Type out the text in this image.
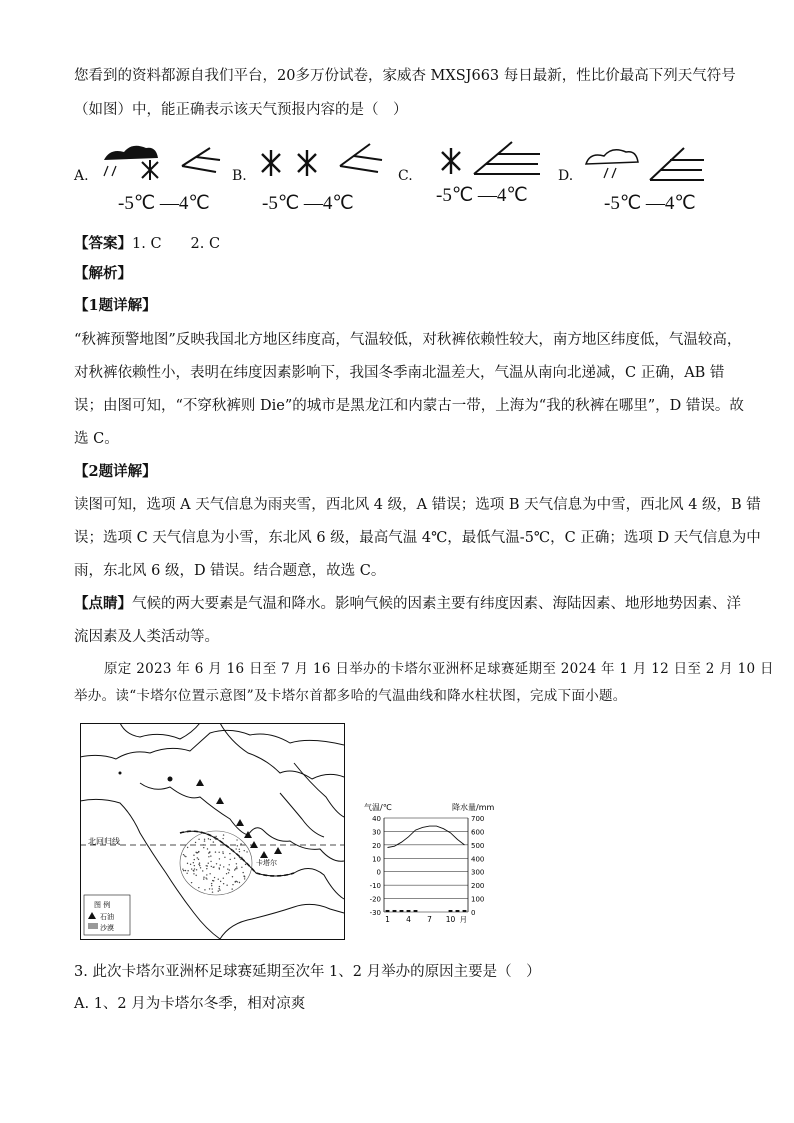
您看到的资料都源自我们平台，20多万份试卷，家威杏 MXSJ663 每日最新，性比价最高下列天气符号
（如图）中，能正确表示该天气预报内容的是（　）
A.	B.	C.	D.
-5℃ —4℃	-5℃ —4℃	-5℃ —4℃	-5℃ —4℃
【答案】1. C　　2. C
【解析】
【1题详解】
“秋裤预警地图”反映我国北方地区纬度高，气温较低，对秋裤依赖性较大，南方地区纬度低，气温较高，
对秋裤依赖性小，表明在纬度因素影响下，我国冬季南北温差大，气温从南向北递减，C 正确，AB 错
误；由图可知，“不穿秋裤则 Die”的城市是黑龙江和内蒙古一带，上海为“我的秋裤在哪里”，D 错误。故
选 C。
【2题详解】
读图可知，选项 A 天气信息为雨夹雪，西北风 4 级，A 错误；选项 B 天气信息为中雪，西北风 4 级，B 错
误；选项 C 天气信息为小雪，东北风 6 级，最高气温 4℃，最低气温-5℃，C 正确；选项 D 天气信息为中
雨，东北风 6 级，D 错误。结合题意，故选 C。
【点睛】气候的两大要素是气温和降水。影响气候的因素主要有纬度因素、海陆因素、地形地势因素、洋
流因素及人类活动等。
原定 2023 年 6 月 16 日至 7 月 16 日举办的卡塔尔亚洲杯足球赛延期至 2024 年 1 月 12 日至 2 月 10 日
举办。读“卡塔尔位置示意图”及卡塔尔首都多哈的气温曲线和降水柱状图，完成下面小题。
北回归线
卡塔尔
图 例
石油
沙漠
气温/℃	降水量/mm
40
30
20
10
0
-10
-20
-30
700
600
500
400
300
200
100
0
1 4 7 10 月
3. 此次卡塔尔亚洲杯足球赛延期至次年 1、2 月举办的原因主要是（　）
A. 1、2 月为卡塔尔冬季，相对凉爽
